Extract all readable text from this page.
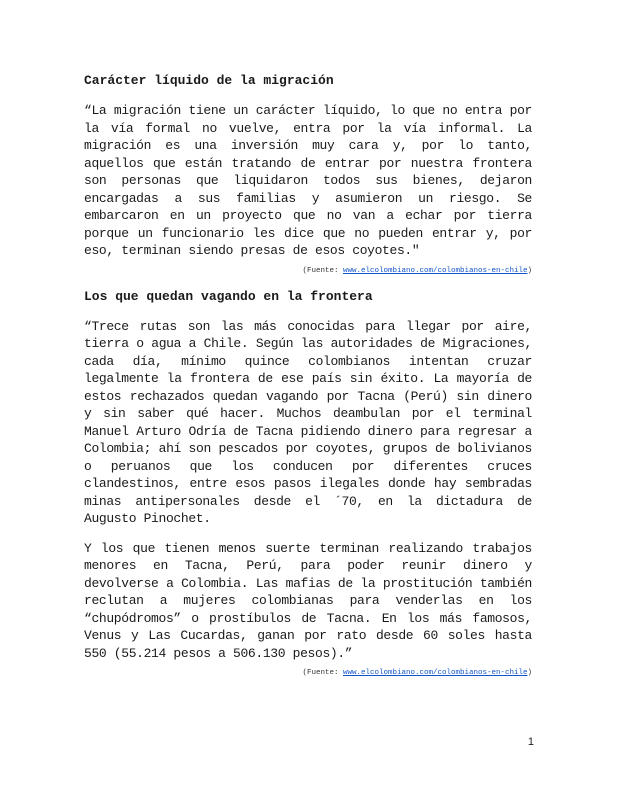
Carácter líquido de la migración

“La migración tiene un carácter líquido, lo que no entra por la vía formal no vuelve, entra por la vía informal. La migración es una inversión muy cara y, por lo tanto, aquellos que están tratando de entrar por nuestra frontera son personas que liquidaron todos sus bienes, dejaron encargadas a sus familias y asumieron un riesgo. Se embarcaron en un proyecto que no van a echar por tierra porque un funcionario les dice que no pueden entrar y, por eso, terminan siendo presas de esos coyotes."

(Fuente: www.elcolombiano.com/colombianos-en-chile)

Los que quedan vagando en la frontera

“Trece rutas son las más conocidas para llegar por aire, tierra o agua a Chile. Según las autoridades de Migraciones, cada día, mínimo quince colombianos intentan cruzar legalmente la frontera de ese país sin éxito. La mayoría de estos rechazados quedan vagando por Tacna (Perú) sin dinero y sin saber qué hacer. Muchos deambulan por el terminal Manuel Arturo Odría de Tacna pidiendo dinero para regresar a Colombia; ahí son pescados por coyotes, grupos de bolivianos o peruanos que los conducen por diferentes cruces clandestinos, entre esos pasos ilegales donde hay sembradas minas antipersonales desde el ´70, en la dictadura de Augusto Pinochet.

Y los que tienen menos suerte terminan realizando trabajos menores en Tacna, Perú, para poder reunir dinero y devolverse a Colombia. Las mafias de la prostitución también reclutan a mujeres colombianas para venderlas en los “chupódromos” o prostíbulos de Tacna. En los más famosos, Venus y Las Cucardas, ganan por rato desde 60 soles hasta 550 (55.214 pesos a 506.130 pesos).”

(Fuente: www.elcolombiano.com/colombianos-en-chile)

1
